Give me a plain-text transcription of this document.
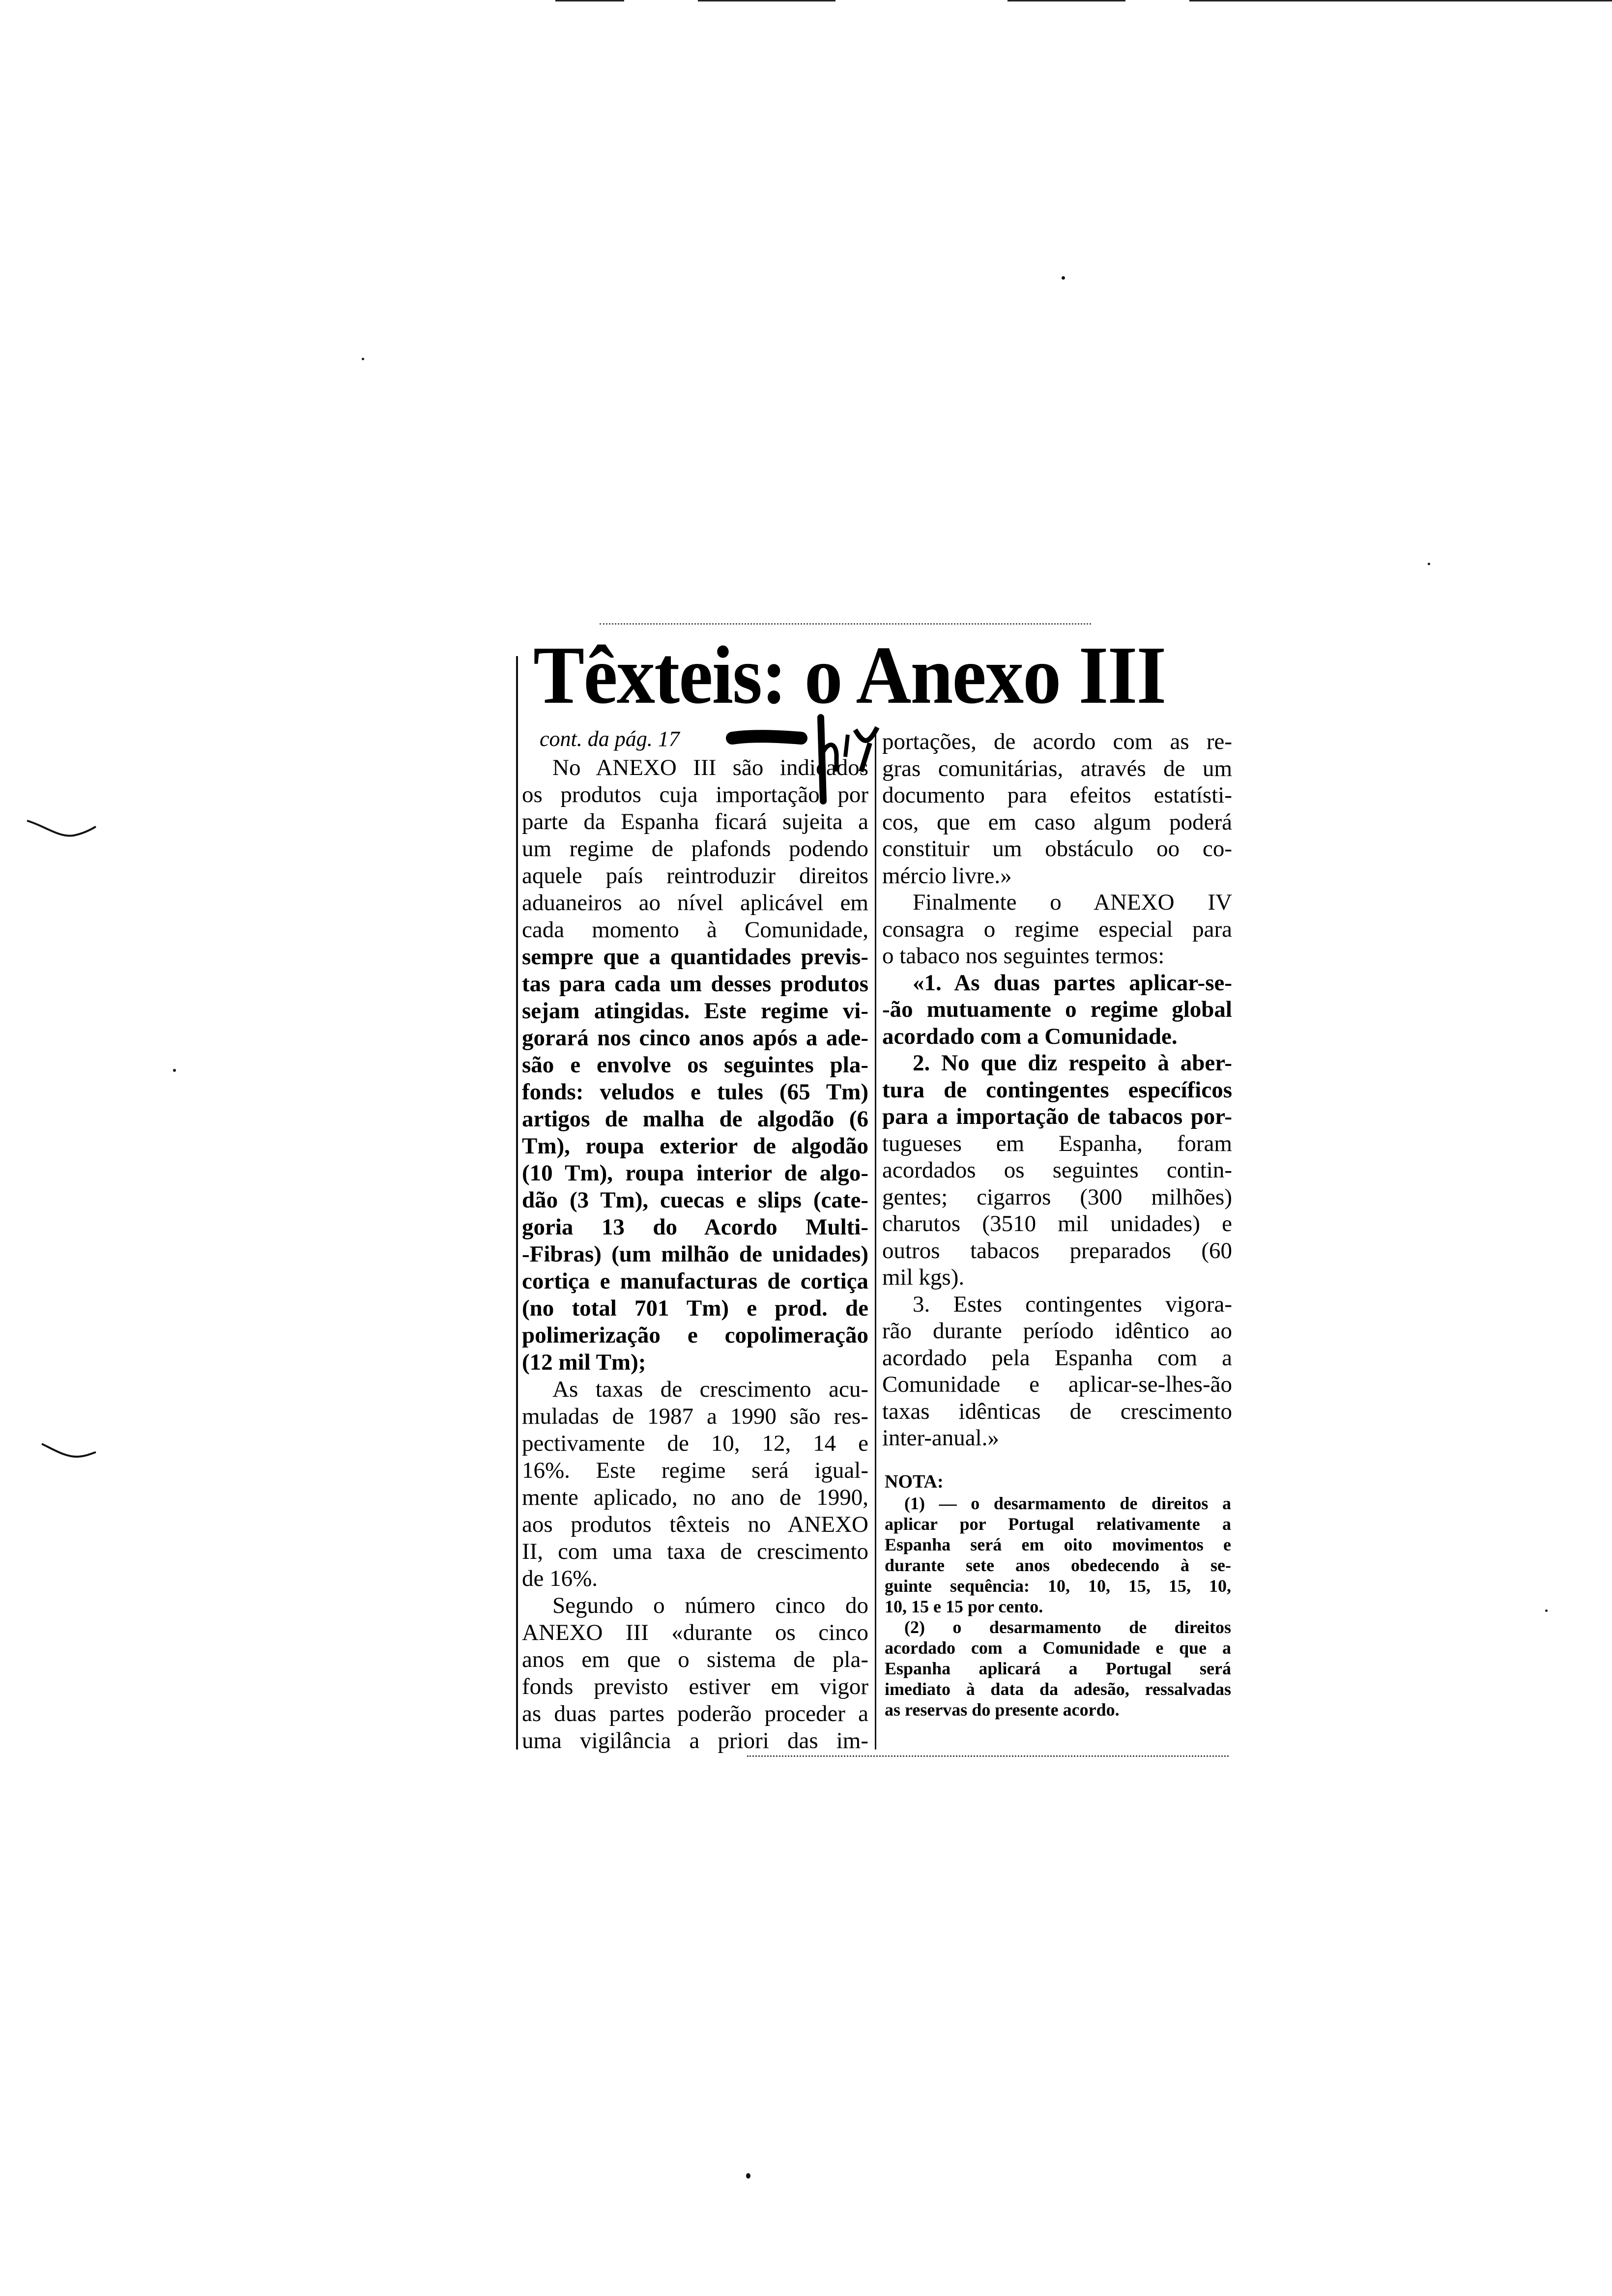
Têxteis: o Anexo III
cont. da pág. 17
No ANEXO III são indicados
os produtos cuja importação por
parte da Espanha ficará sujeita a
um regime de plafonds podendo
aquele país reintroduzir direitos
aduaneiros ao nível aplicável em
cada momento à Comunidade,
sempre que a quantidades previs-
tas para cada um desses produtos
sejam atingidas. Este regime vi-
gorará nos cinco anos após a ade-
são e envolve os seguintes pla-
fonds: veludos e tules (65 Tm)
artigos de malha de algodão (6
Tm), roupa exterior de algodão
(10 Tm), roupa interior de algo-
dão (3 Tm), cuecas e slips (cate-
goria 13 do Acordo Multi-
-Fibras) (um milhão de unidades)
cortiça e manufacturas de cortiça
(no total 701 Tm) e prod. de
polimerização e copolimeração
(12 mil Tm);
As taxas de crescimento acu-
muladas de 1987 a 1990 são res-
pectivamente de 10, 12, 14 e
16%. Este regime será igual-
mente aplicado, no ano de 1990,
aos produtos têxteis no ANEXO
II, com uma taxa de crescimento
de 16%.
Segundo o número cinco do
ANEXO III «durante os cinco
anos em que o sistema de pla-
fonds previsto estiver em vigor
as duas partes poderão proceder a
uma vigilância a priori das im-
portações, de acordo com as re-
gras comunitárias, através de um
documento para efeitos estatísti-
cos, que em caso algum poderá
constituir um obstáculo oo co-
mércio livre.»
Finalmente o ANEXO IV
consagra o regime especial para
o tabaco nos seguintes termos:
«1. As duas partes aplicar-se-
-ão mutuamente o regime global
acordado com a Comunidade.
2. No que diz respeito à aber-
tura de contingentes específicos
para a importação de tabacos por-
tugueses em Espanha, foram
acordados os seguintes contin-
gentes; cigarros (300 milhões)
charutos (3510 mil unidades) e
outros tabacos preparados (60
mil kgs).
3. Estes contingentes vigora-
rão durante período idêntico ao
acordado pela Espanha com a
Comunidade e aplicar-se-lhes-ão
taxas idênticas de crescimento
inter-anual.»
NOTA:
(1) — o desarmamento de direitos a
aplicar por Portugal relativamente a
Espanha será em oito movimentos e
durante sete anos obedecendo à se-
guinte sequência: 10, 10, 15, 15, 10,
10, 15 e 15 por cento.
(2) o desarmamento de direitos
acordado com a Comunidade e que a
Espanha aplicará a Portugal será
imediato à data da adesão, ressalvadas
as reservas do presente acordo.
